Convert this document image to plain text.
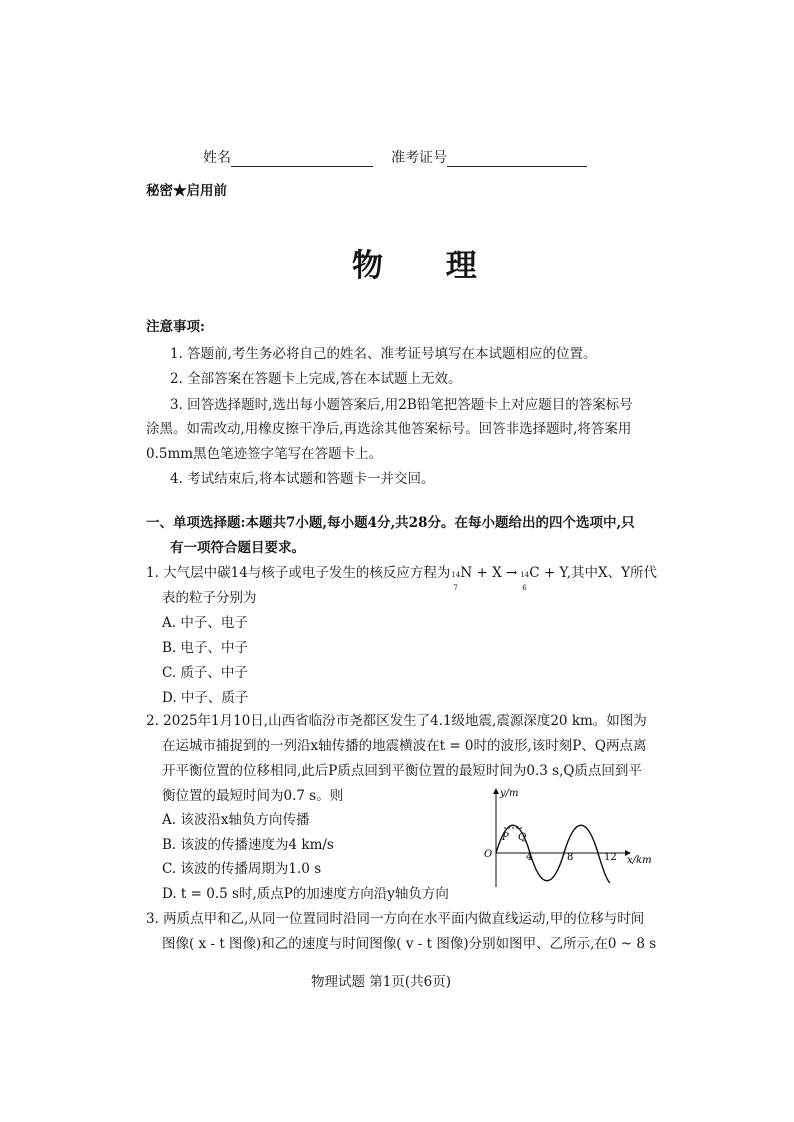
姓名	准考证号
秘密★启用前
物 理
注意事项:
1. 答题前,考生务必将自己的姓名、准考证号填写在本试题相应的位置。
2. 全部答案在答题卡上完成,答在本试题上无效。
3. 回答选择题时,选出每小题答案后,用2B铅笔把答题卡上对应题目的答案标号
涂黑。如需改动,用橡皮擦干净后,再选涂其他答案标号。回答非选择题时,将答案用
0.5mm黑色笔迹签字笔写在答题卡上。
4. 考试结束后,将本试题和答题卡一并交回。
一、单项选择题:本题共7小题,每小题4分,共28分。在每小题给出的四个选项中,只
有一项符合题目要求。
1. 大气层中碳14与核子或电子发生的核反应方程为 14
7
N + X → 14
6
C + Y,其中X、Y所代
表的粒子分别为
A. 中子、电子
B. 电子、中子
C. 质子、中子
D. 中子、质子
2. 2025年1月10日,山西省临汾市尧都区发生了4.1级地震,震源深度20 km。如图为
在运城市捕捉到的一列沿x轴传播的地震横波在t = 0时的波形,该时刻P、Q两点离
开平衡位置的位移相同,此后P质点回到平衡位置的最短时间为0.3 s,Q质点回到平
衡位置的最短时间为0.7 s。则
A. 该波沿x轴负方向传播
B. 该波的传播速度为4 km/s
C. 该波的传播周期为1.0 s
D. t = 0.5 s时,质点P的加速度方向沿y轴负方向
y/m
x/km
O	4	8	12
P Q
3. 两质点甲和乙,从同一位置同时沿同一方向在水平面内做直线运动,甲的位移与时间
图像( x - t 图像)和乙的速度与时间图像( v - t 图像)分别如图甲、乙所示,在0 ~ 8 s
物理试题 第1页(共6页)
